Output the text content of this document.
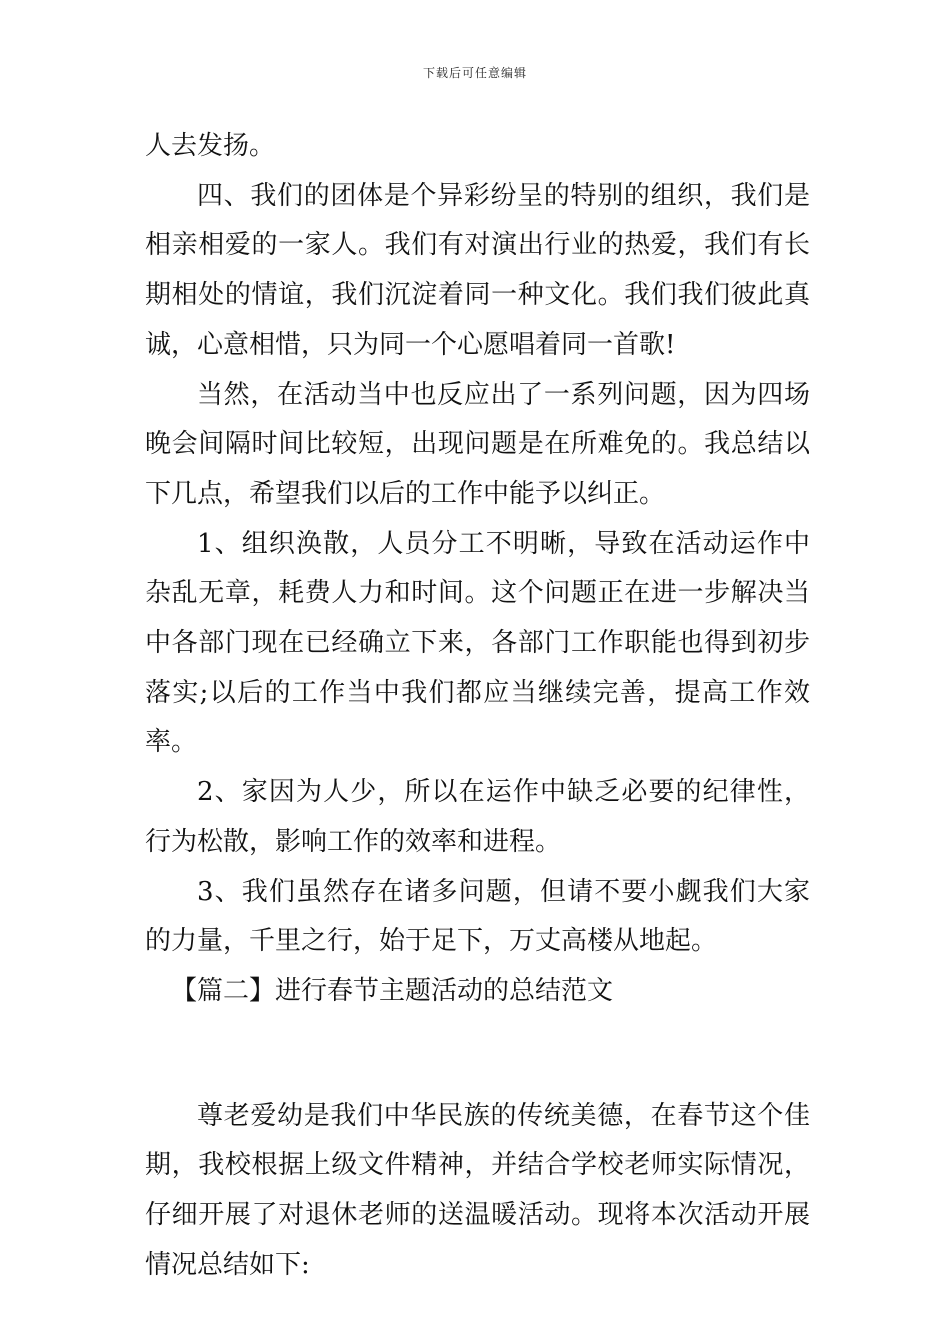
下载后可任意编辑

人去发扬。

四、我们的团体是个异彩纷呈的特别的组织，我们是相亲相爱的一家人。我们有对演出行业的热爱，我们有长期相处的情谊，我们沉淀着同一种文化。我们我们彼此真诚，心意相惜，只为同一个心愿唱着同一首歌!

当然，在活动当中也反应出了一系列问题，因为四场晚会间隔时间比较短，出现问题是在所难免的。我总结以下几点，希望我们以后的工作中能予以纠正。

1、组织涣散，人员分工不明晰，导致在活动运作中杂乱无章，耗费人力和时间。这个问题正在进一步解决当中各部门现在已经确立下来，各部门工作职能也得到初步落实;以后的工作当中我们都应当继续完善，提高工作效率。

2、家因为人少，所以在运作中缺乏必要的纪律性，行为松散，影响工作的效率和进程。

3、我们虽然存在诸多问题，但请不要小觑我们大家的力量，千里之行，始于足下，万丈高楼从地起。

【篇二】进行春节主题活动的总结范文

尊老爱幼是我们中华民族的传统美德，在春节这个佳期，我校根据上级文件精神，并结合学校老师实际情况，仔细开展了对退休老师的送温暖活动。现将本次活动开展情况总结如下:
